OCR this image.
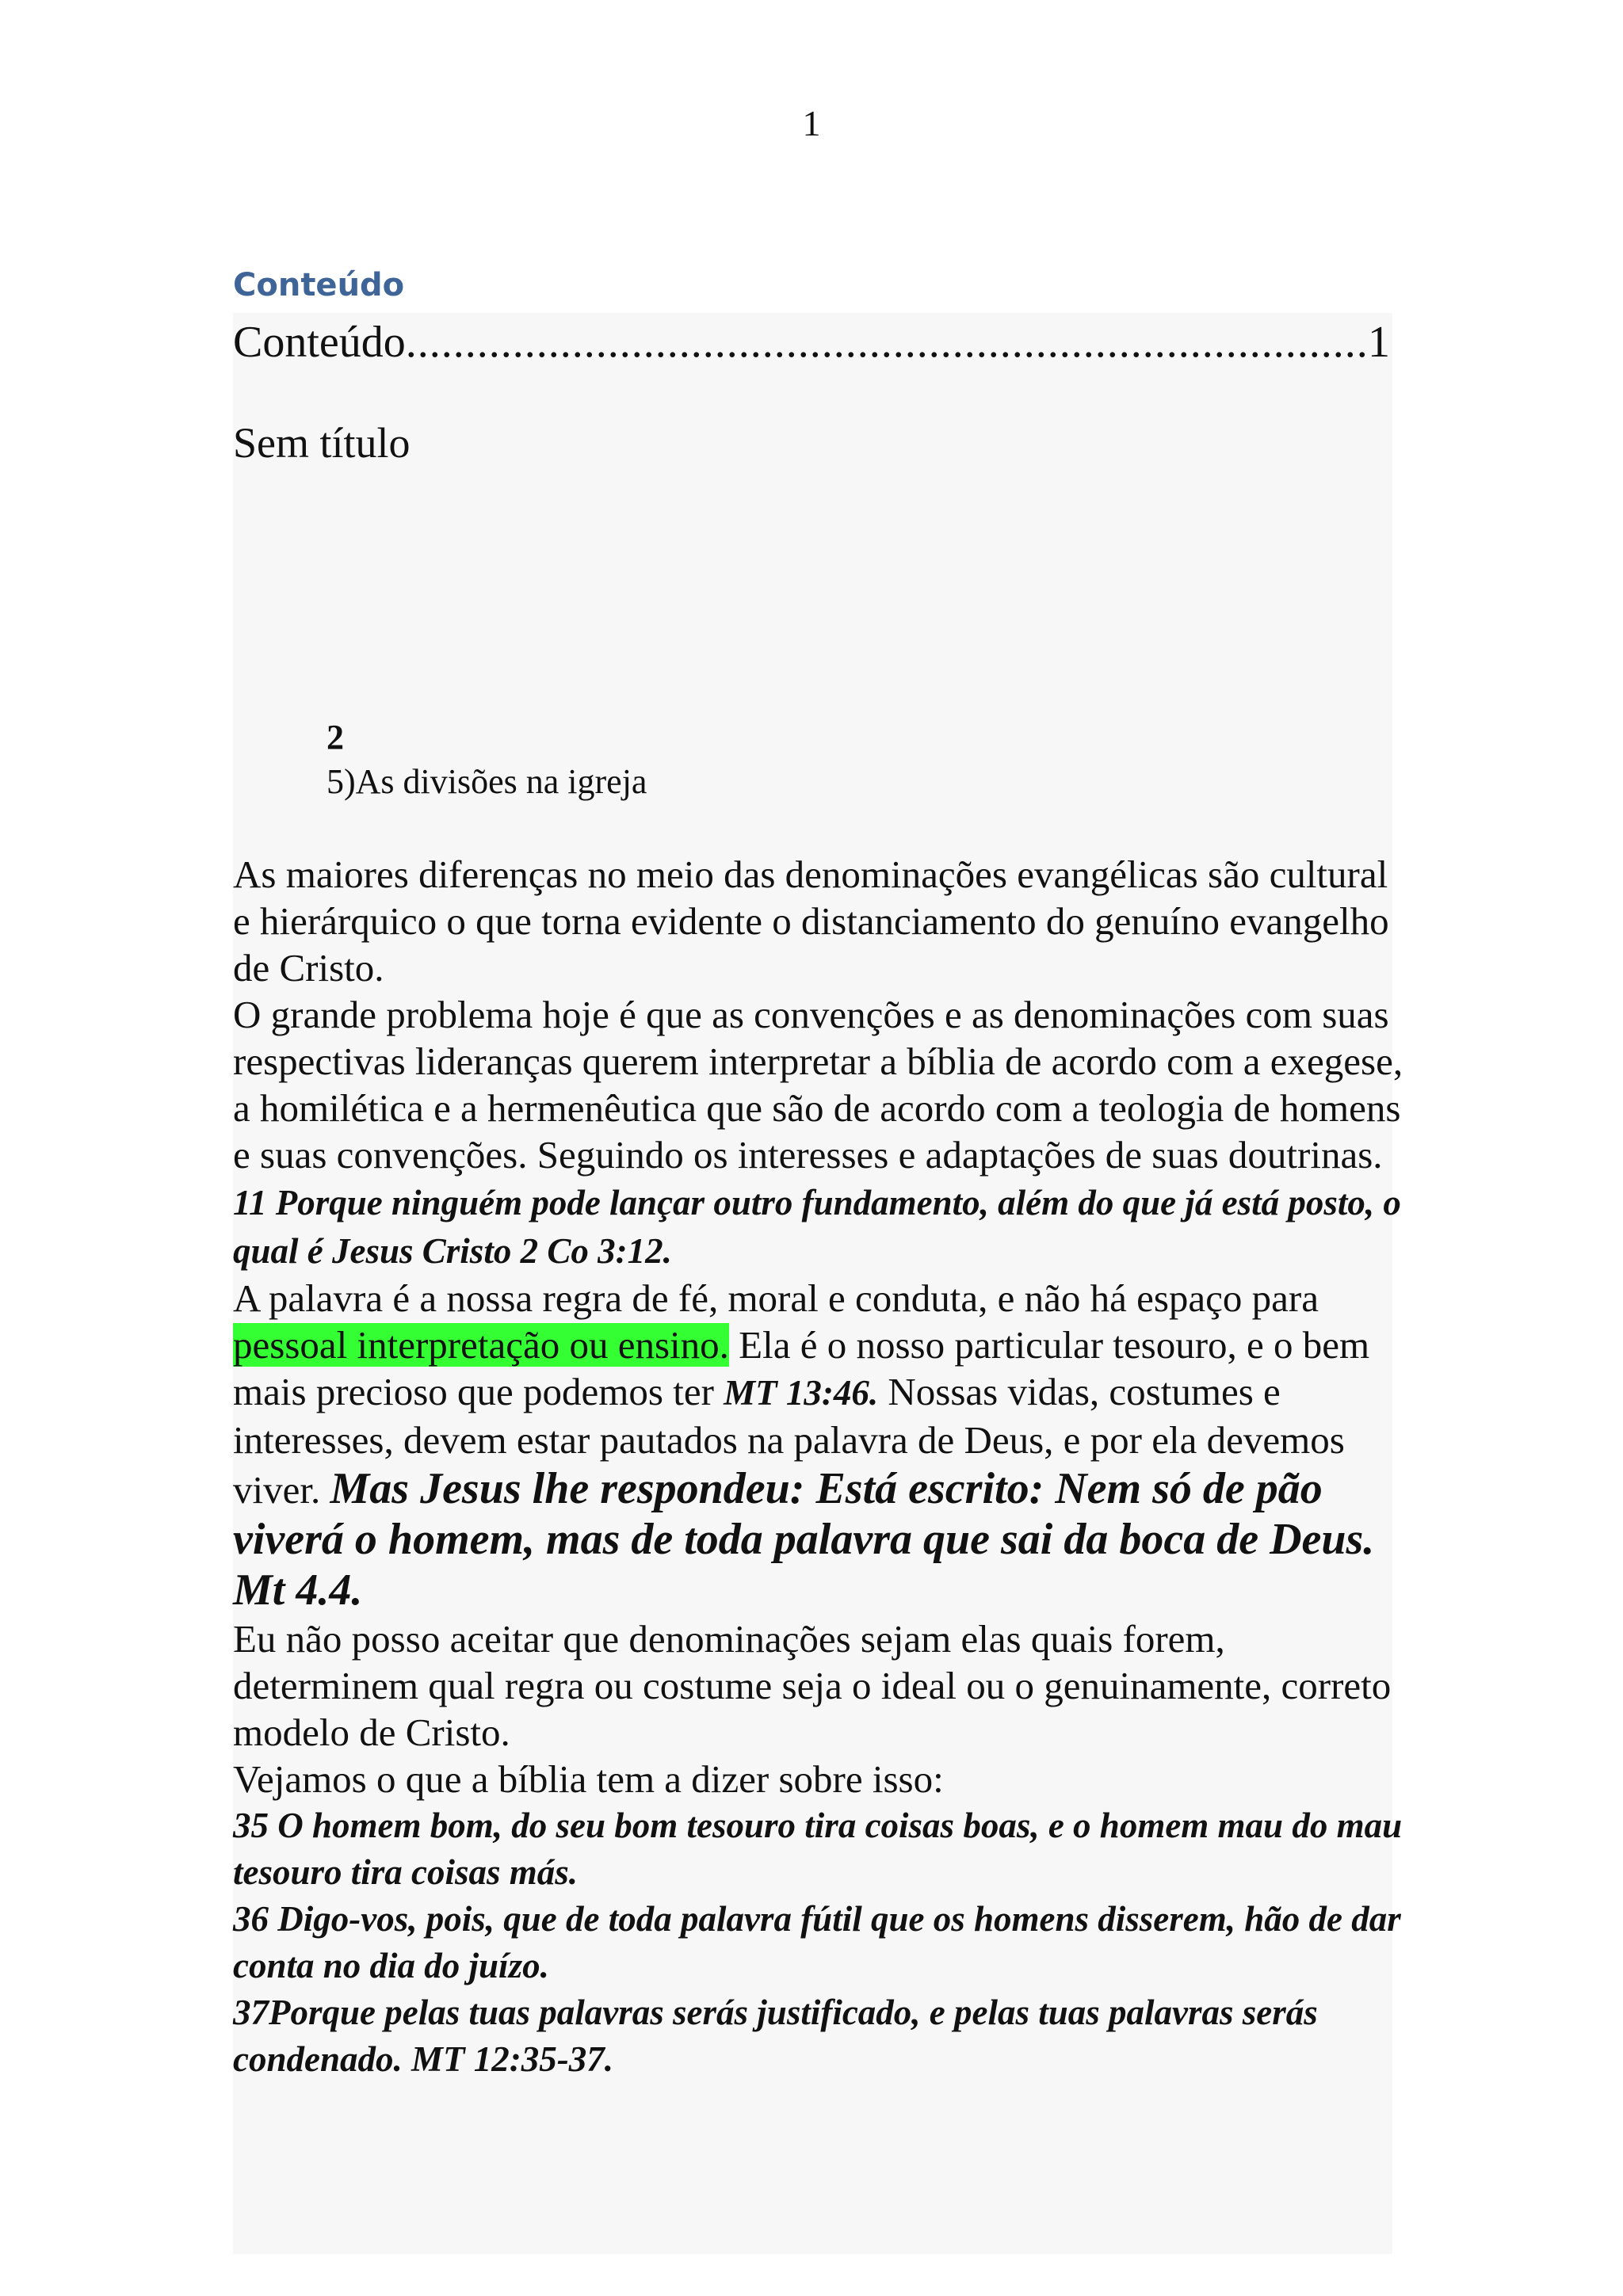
1
Conteúdo
Conteúdo
.....	1
Sem título
2
5)As divisões na igreja

As maiores diferenças no meio das denominações evangélicas são cultural e hierárquico o que torna evidente o distanciamento do genuíno evangelho de Cristo.

O grande problema hoje é que as convenções e as denominações com suas respectivas lideranças querem interpretar a bíblia de acordo com a exegese, a homilética e a hermenêutica que são de acordo com a teologia de homens e suas convenções. Seguindo os interesses e adaptações de suas doutrinas. 11 Porque ninguém pode lançar outro fundamento, além do que já está posto, o qual é Jesus Cristo 2 Co 3:12.

A palavra é a nossa regra de fé, moral e conduta, e não há espaço para pessoal interpretação ou ensino. Ela é o nosso particular tesouro, e o bem mais precioso que podemos ter MT 13:46. Nossas vidas, costumes e interesses, devem estar pautados na palavra de Deus, e por ela devemos viver. Mas Jesus lhe respondeu: Está escrito: Nem só de pão viverá o homem, mas de toda palavra que sai da boca de Deus. Mt 4.4.

Eu não posso aceitar que denominações sejam elas quais forem, determinem qual regra ou costume seja o ideal ou o genuinamente, correto modelo de Cristo.

Vejamos o que a bíblia tem a dizer sobre isso:

35 O homem bom, do seu bom tesouro tira coisas boas, e o homem mau do mau tesouro tira coisas más.

36 Digo-vos, pois, que de toda palavra fútil que os homens disserem, hão de dar conta no dia do juízo.

37Porque pelas tuas palavras serás justificado, e pelas tuas palavras serás condenado. MT 12:35-37.
